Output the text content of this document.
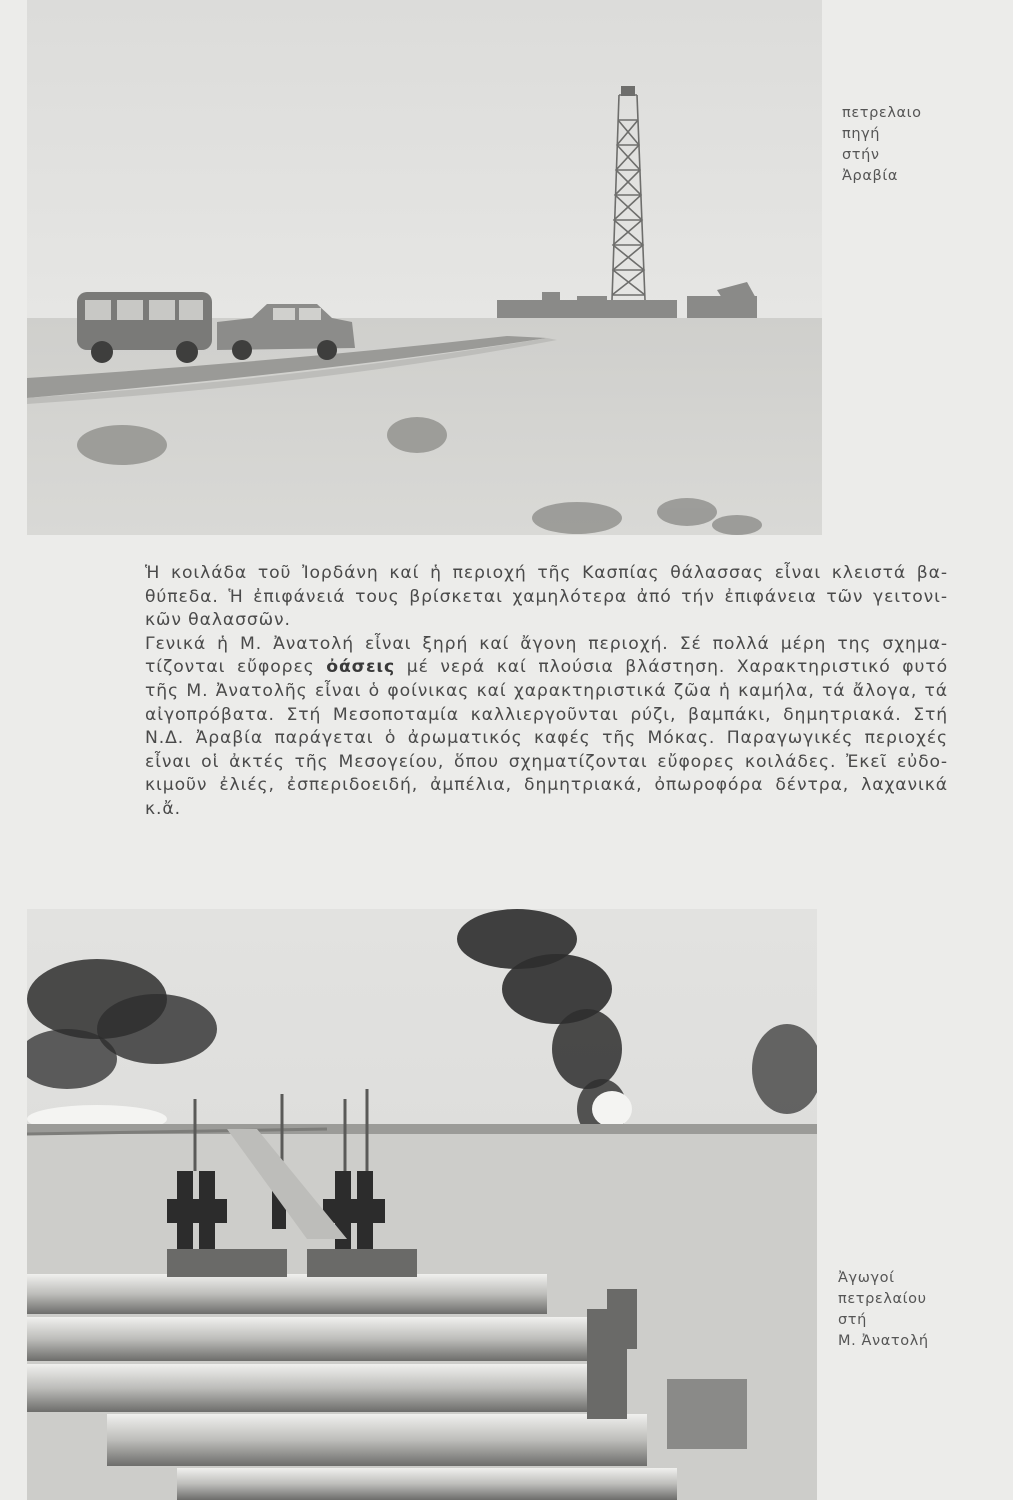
πετρελαιο
πηγή
στήν
Ἀραβία
Ἡ κοιλάδα τοῦ Ἰορδάνη καί ἡ περιοχή τῆς Κασπίας θάλασσας εἶναι κλειστά βα-
θύπεδα. Ἡ ἐπιφάνειά τους βρίσκεται χαμηλότερα ἀπό τήν ἐπιφάνεια τῶν γειτονι-
κῶν θαλασσῶν.
Γενικά ἡ Μ. Ἀνατολή εἶναι ξηρή καί ἄγονη περιοχή. Σέ πολλά μέρη της σχημα-
τίζονται εὔφορες ὀάσεις μέ νερά καί πλούσια βλάστηση. Χαρακτηριστικό φυτό
τῆς Μ. Ἀνατολῆς εἶναι ὁ φοίνικας καί χαρακτηριστικά ζῶα ἡ καμήλα, τά ἄλογα, τά
αἰγοπρόβατα. Στή Μεσοποταμία καλλιεργοῦνται ρύζι, βαμπάκι, δημητριακά. Στή
Ν.Δ. Ἀραβία παράγεται ὁ ἀρωματικός καφές τῆς Μόκας. Παραγωγικές περιοχές
εἶναι οἱ ἀκτές τῆς Μεσογείου, ὅπου σχηματίζονται εὔφορες κοιλάδες. Ἐκεῖ εὐδο-
κιμοῦν ἐλιές, ἐσπεριδοειδή, ἀμπέλια, δημητριακά, ὀπωροφόρα δέντρα, λαχανικά
κ.ἄ.
Ἀγωγοί
πετρελαίου
στή
Μ. Ἀνατολή
